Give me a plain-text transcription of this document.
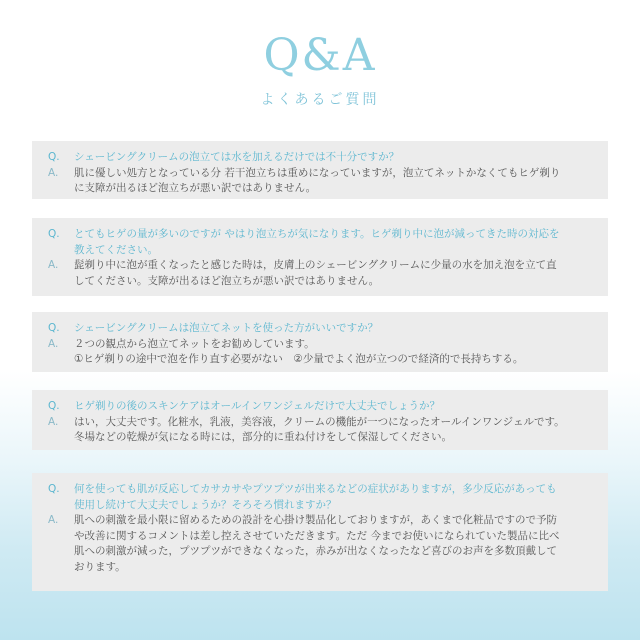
Q&A
よくあるご質問
Q.	シェービングクリームの泡立ては水を加えるだけでは不十分ですか？
A.	肌に優しい処方となっている分 若干泡立ちは重めになっていますが，泡立てネットかなくてもヒゲ剃り
に支障が出るほど泡立ちが悪い訳ではありません。
Q.	とてもヒゲの量が多いのですが やはり泡立ちが気になります。ヒゲ剃り中に泡が減ってきた時の対応を
教えてください。
A.	髭剃り中に泡が重くなったと感じた時は，皮膚上のシェービングクリームに少量の水を加え泡を立て直
してください。支障が出るほど泡立ちが悪い訳ではありません。
Q.	シェービングクリームは泡立てネットを使った方がいいですか？
A.	２つの観点から泡立てネットをお勧めしています。
①ヒゲ剃りの途中で泡を作り直す必要がない　②少量でよく泡が立つので経済的で長持ちする。
Q.	ヒゲ剃りの後のスキンケアはオールインワンジェルだけで大丈夫でしょうか？
A.	はい，大丈夫です。化粧水，乳液，美容液，クリームの機能が一つになったオールインワンジェルです。
冬場などの乾燥が気になる時には，部分的に重ね付けをして保湿してください。
Q.	何を使っても肌が反応してカサカサやプツプツが出来るなどの症状がありますが，多少反応があっても
使用し続けて大丈夫でしょうか？そろそろ慣れますか？
A.	肌への刺激を最小限に留めるための設計を心掛け製品化しておりますが，あくまで化粧品ですので予防
や改善に関するコメントは差し控えさせていただきます。ただ 今までお使いになられていた製品に比べ
肌への刺激が減った，プツプツができなくなった，赤みが出なくなったなど喜びのお声を多数頂戴して
おります。
